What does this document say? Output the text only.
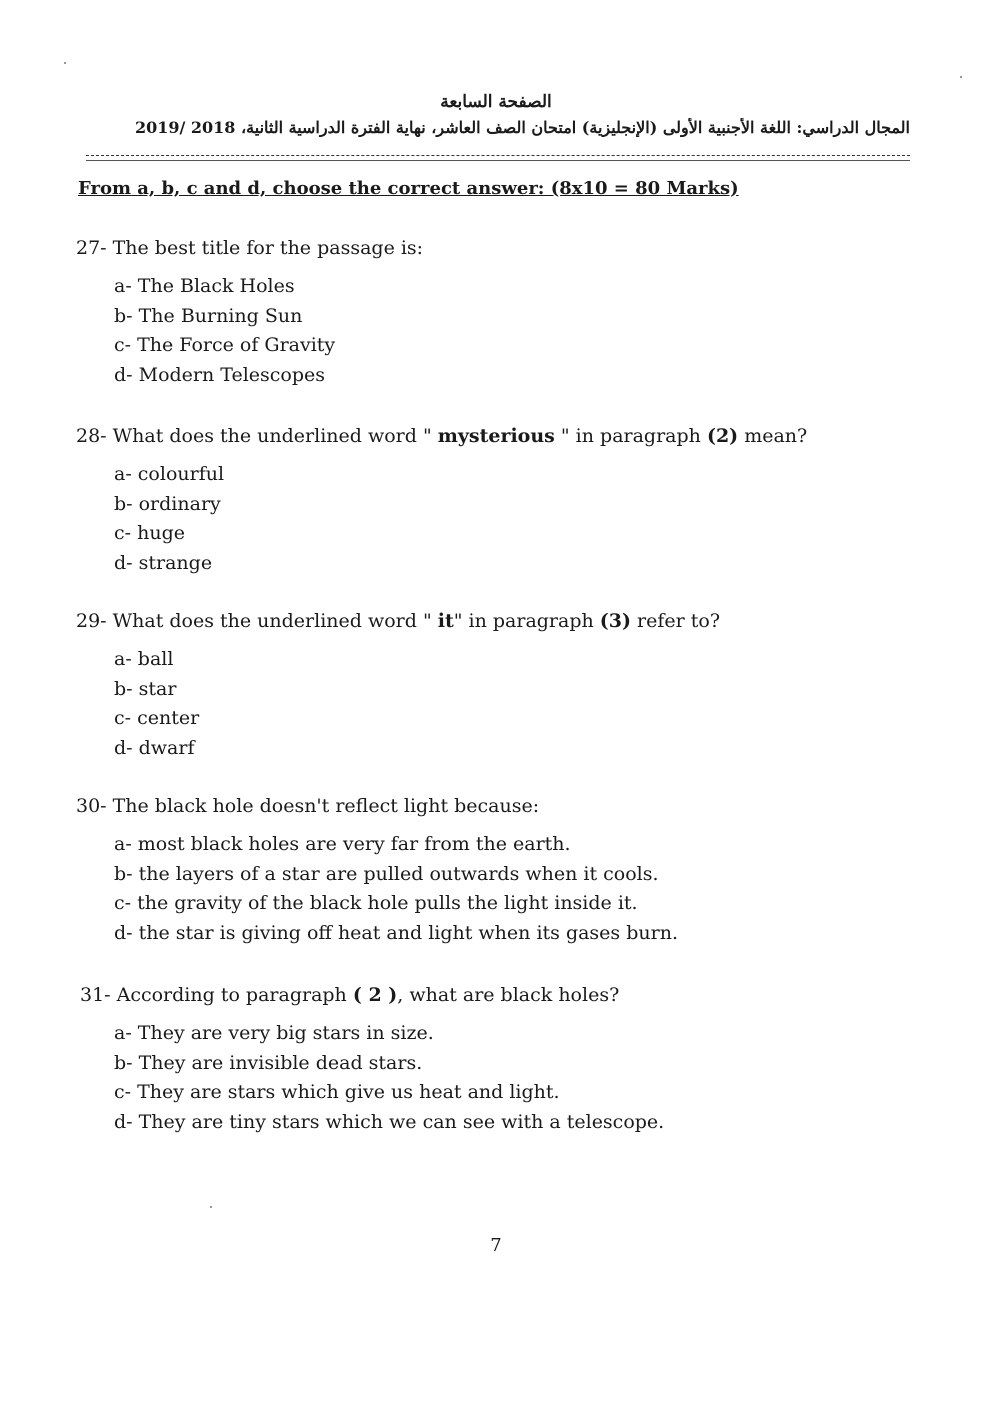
الصفحة السابعة
المجال الدراسي: اللغة الأجنبية الأولى (الإنجليزية) امتحان الصف العاشر، نهاية الفترة الدراسية الثانية، 2018 /2019
From a, b, c and d, choose the correct answer: (8x10 = 80 Marks)
27- The best title for the passage is:
a- The Black Holes
b- The Burning Sun
c- The Force of Gravity
d- Modern Telescopes
28- What does the underlined word " mysterious " in paragraph (2) mean?
a- colourful
b- ordinary
c- huge
d- strange
29- What does the underlined word " it" in paragraph (3) refer to?
a- ball
b- star
c- center
d- dwarf
30- The black hole doesn't reflect light because:
a- most black holes are very far from the earth.
b- the layers of a star are pulled outwards when it cools.
c- the gravity of the black hole pulls the light inside it.
d- the star is giving off heat and light when its gases burn.
31- According to paragraph ( 2 ), what are black holes?
a- They are very big stars in size.
b- They are invisible dead stars.
c- They are stars which give us heat and light.
d- They are tiny stars which we can see with a telescope.
7
